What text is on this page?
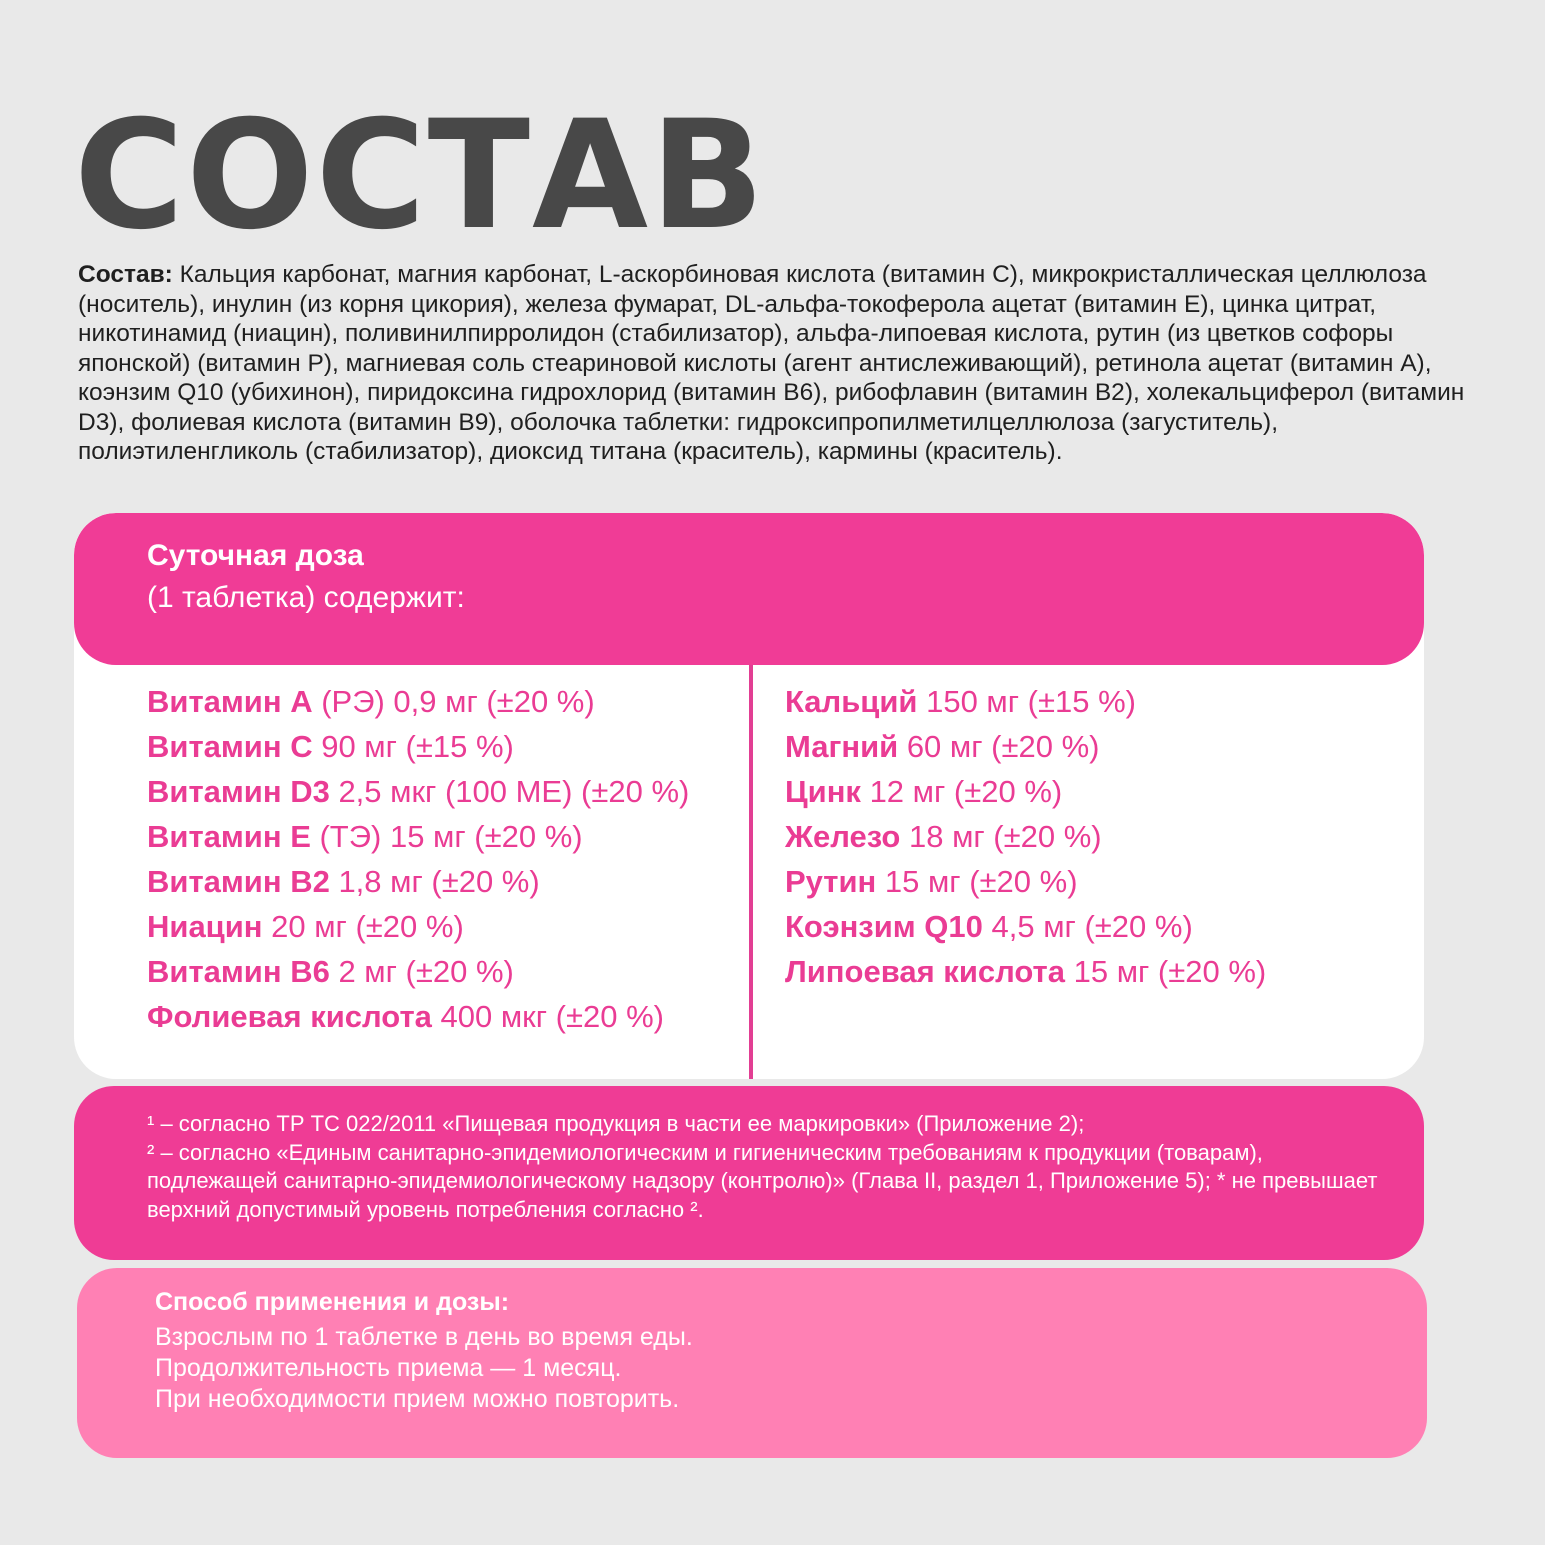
СОСТАВ

Состав: Кальция карбонат, магния карбонат, L-аскорбиновая кислота (витамин С), микрокристаллическая целлюлоза (носитель), инулин (из корня цикория), железа фумарат, DL-альфа-токоферола ацетат (витамин Е), цинка цитрат, никотинамид (ниацин), поливинилпирролидон (стабилизатор), альфа-липоевая кислота, рутин (из цветков софоры японской) (витамин Р), магниевая соль стеариновой кислоты (агент антислеживающий), ретинола ацетат (витамин А), коэнзим Q10 (убихинон), пиридоксина гидрохлорид (витамин В6), рибофлавин (витамин В2), холекальциферол (витамин D3), фолиевая кислота (витамин В9), оболочка таблетки: гидроксипропилметилцеллюлоза (загуститель), полиэтиленгликоль (стабилизатор), диоксид титана (краситель), кармины (краситель).

Суточная доза
(1 таблетка) содержит:
Витамин А (РЭ) 0,9 мг (±20 %)
Витамин С 90 мг (±15 %)
Витамин D3 2,5 мкг (100 МЕ) (±20 %)
Витамин Е (ТЭ) 15 мг (±20 %)
Витамин В2 1,8 мг (±20 %)
Ниацин 20 мг (±20 %)
Витамин В6 2 мг (±20 %)
Фолиевая кислота 400 мкг (±20 %)
Кальций 150 мг (±15 %)
Магний 60 мг (±20 %)
Цинк 12 мг (±20 %)
Железо 18 мг (±20 %)
Рутин 15 мг (±20 %)
Коэнзим Q10 4,5 мг (±20 %)
Липоевая кислота 15 мг (±20 %)

¹ – согласно ТР ТС 022/2011 «Пищевая продукция в части ее маркировки» (Приложение 2);
² – согласно «Единым санитарно-эпидемиологическим и гигиеническим требованиям к продукции (товарам), подлежащей санитарно-эпидемиологическому надзору (контролю)» (Глава II, раздел 1, Приложение 5); * не превышает верхний допустимый уровень потребления согласно ².

Способ применения и дозы:
Взрослым по 1 таблетке в день во время еды.
Продолжительность приема — 1 месяц.
При необходимости прием можно повторить.
